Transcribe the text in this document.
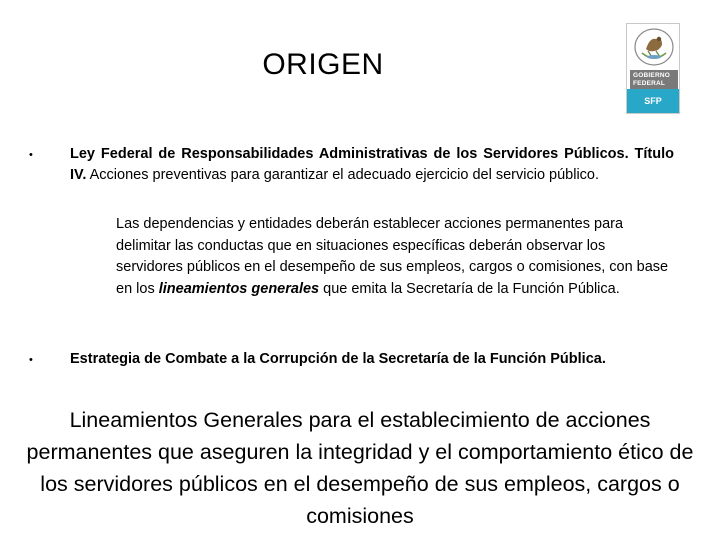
ORIGEN	GOBIERNO
FEDERAL
SFP
•	Ley Federal de Responsabilidades Administrativas de los Servidores Públicos. Título IV. Acciones preventivas para garantizar el adecuado ejercicio del servicio público.
Las dependencias y entidades deberán establecer acciones permanentes para delimitar las conductas que en situaciones específicas deberán observar los servidores públicos en el desempeño de sus empleos, cargos o comisiones, con base en los lineamientos generales que emita la Secretaría de la Función Pública.
•	Estrategia de Combate a la Corrupción de la Secretaría de la Función Pública.
Lineamientos Generales para el establecimiento de acciones permanentes que aseguren la integridad y el comportamiento ético de los servidores públicos en el desempeño de sus empleos, cargos o comisiones
